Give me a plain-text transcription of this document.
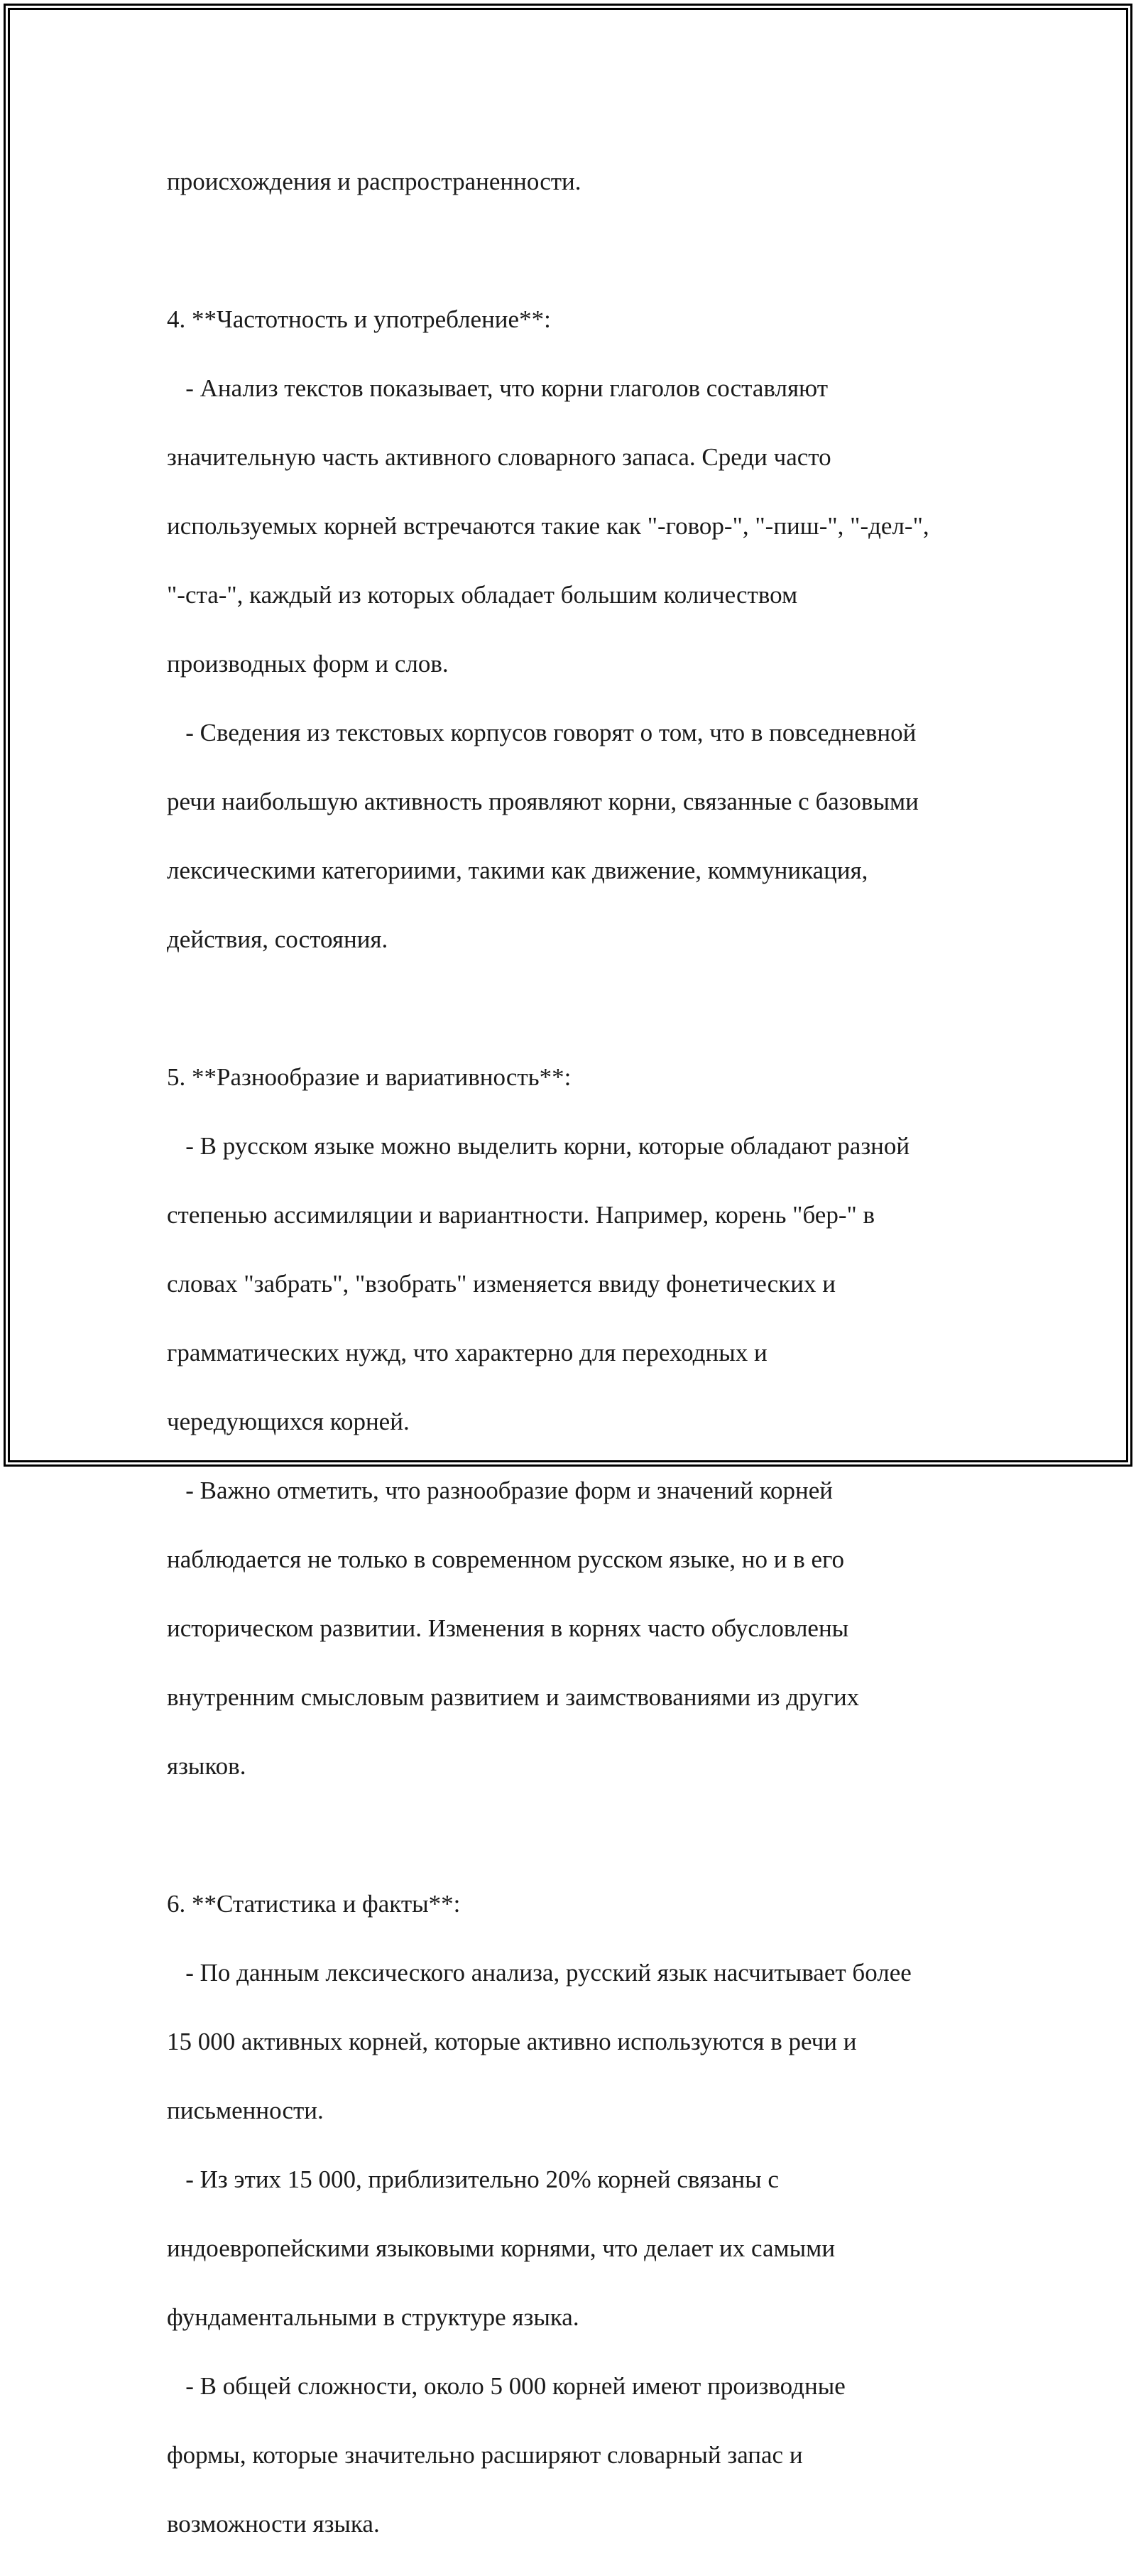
происхождения и распространенности.

4. **Частотность и употребление**:

- Анализ текстов показывает, что корни глаголов составляют

значительную часть активного словарного запаса. Среди часто

используемых корней встречаются такие как "-говор-", "-пиш-", "-дел-",

"-ста-", каждый из которых обладает большим количеством

производных форм и слов.

- Сведения из текстовых корпусов говорят о том, что в повседневной

речи наибольшую активность проявляют корни, связанные с базовыми

лексическими категориими, такими как движение, коммуникация,

действия, состояния.

5. **Разнообразие и вариативность**:

- В русском языке можно выделить корни, которые обладают разной

степенью ассимиляции и вариантности. Например, корень "бер-" в

словах "забрать", "взобрать" изменяется ввиду фонетических и

грамматических нужд, что характерно для переходных и

чередующихся корней.

- Важно отметить, что разнообразие форм и значений корней

наблюдается не только в современном русском языке, но и в его

историческом развитии. Изменения в корнях часто обусловлены

внутренним смысловым развитием и заимствованиями из других

языков.

6. **Статистика и факты**:

- По данным лексического анализа, русский язык насчитывает более

15 000 активных корней, которые активно используются в речи и

письменности.

- Из этих 15 000, приблизительно 20% корней связаны с

индоевропейскими языковыми корнями, что делает их самыми

фундаментальными в структуре языка.

- В общей сложности, около 5 000 корней имеют производные

формы, которые значительно расширяют словарный запас и

возможности языка.
